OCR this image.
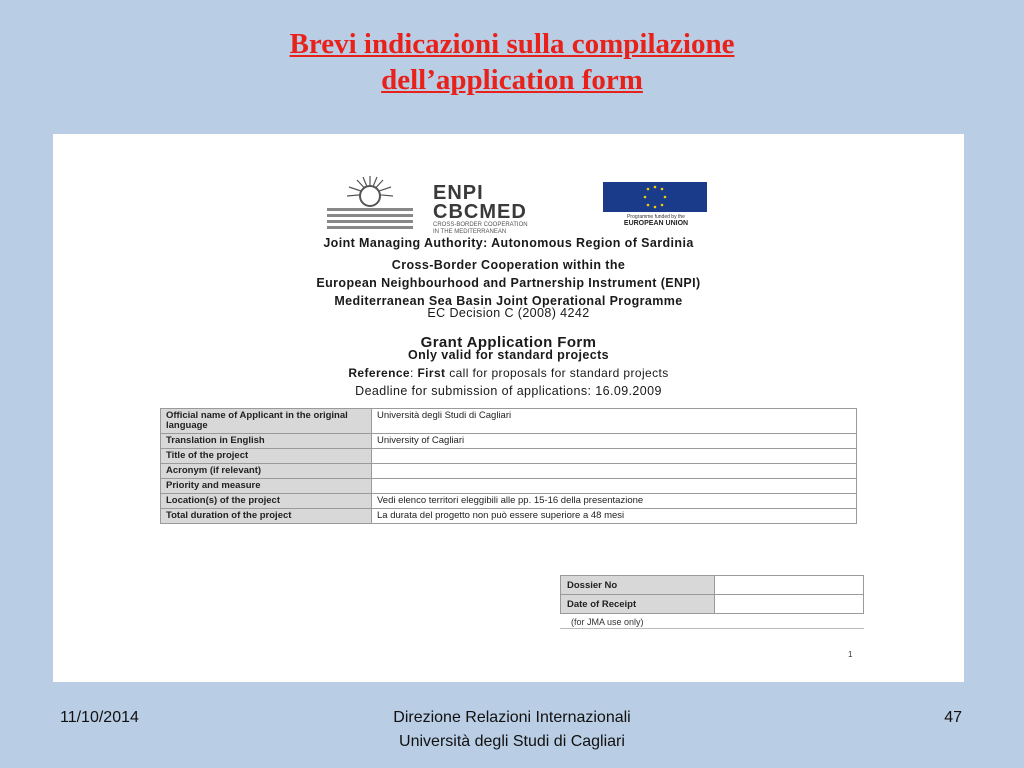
Brevi indicazioni sulla compilazione
dell’application form
ENPI
CBCMED
CROSS-BORDER COOPERATION
IN THE MEDITERRANEAN
Programme funded by the
EUROPEAN UNION
Joint Managing Authority: Autonomous Region of Sardinia
Cross-Border Cooperation within the
European Neighbourhood and Partnership Instrument (ENPI)
Mediterranean Sea Basin Joint Operational Programme
EC Decision C (2008) 4242
Grant Application Form
Only valid for standard projects
Reference: First call for proposals for standard projects
Deadline for submission of applications: 16.09.2009
Official name of Applicant in the original language	Università degli Studi di Cagliari
Translation in English	University of Cagliari
Title of the project	
Acronym (if relevant)	
Priority and measure	
Location(s) of the project	Vedi elenco territori eleggibili alle pp. 15-16 della presentazione
Total duration of the project	La durata del progetto non può essere superiore a 48 mesi
Dossier No	
Date of Receipt	
(for JMA use only)
1
11/10/2014	Direzione Relazioni Internazionali
Università degli Studi di Cagliari
47
